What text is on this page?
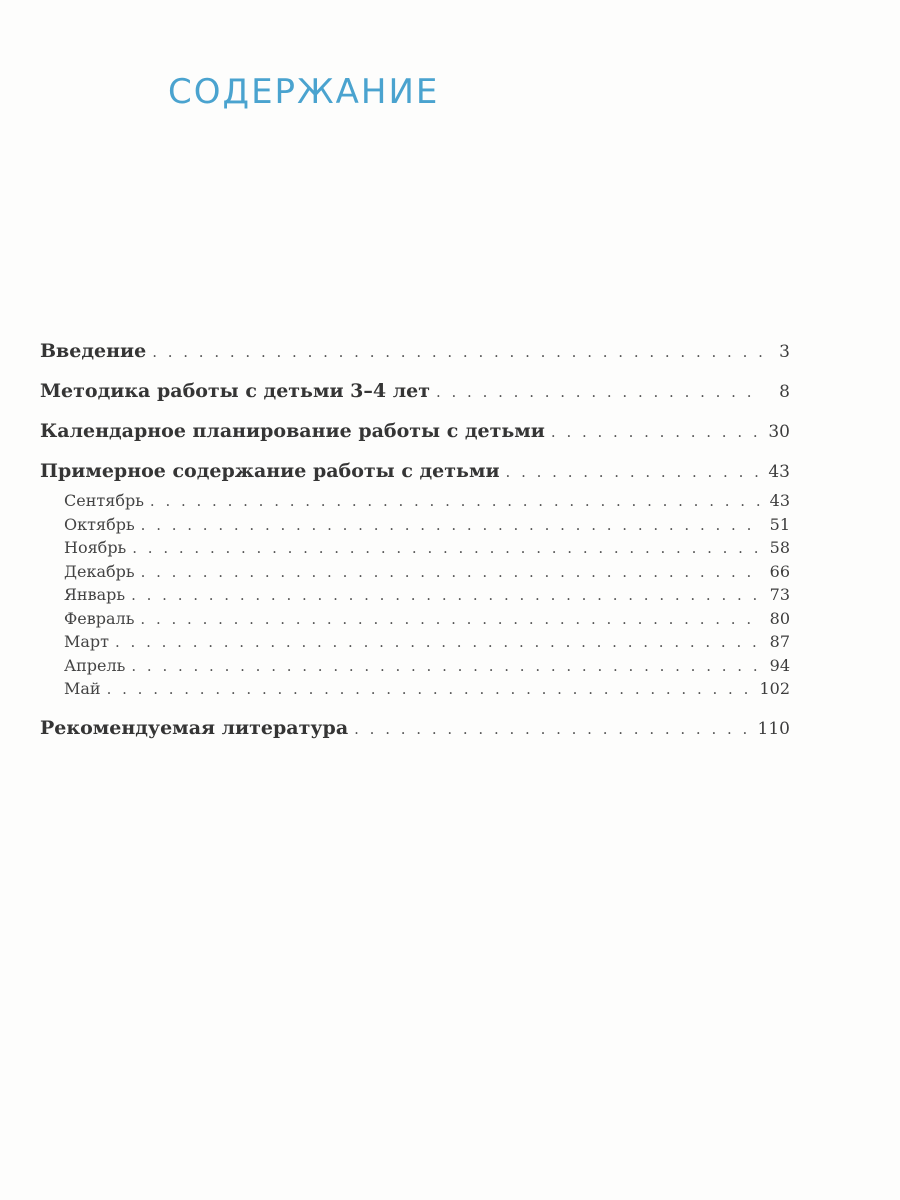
СОДЕРЖАНИЕ
Введение . . .	3
Методика работы с детьми 3–4 лет . . .	8
Календарное планирование работы с детьми . . .	30
Примерное содержание работы с детьми . . .	43
Сентябрь . . .	43
Октябрь . . .	51
Ноябрь . . .	58
Декабрь . . .	66
Январь . . .	73
Февраль . . .	80
Март . . .	87
Апрель . . .	94
Май . . .	102
Рекомендуемая литература . . .	110
